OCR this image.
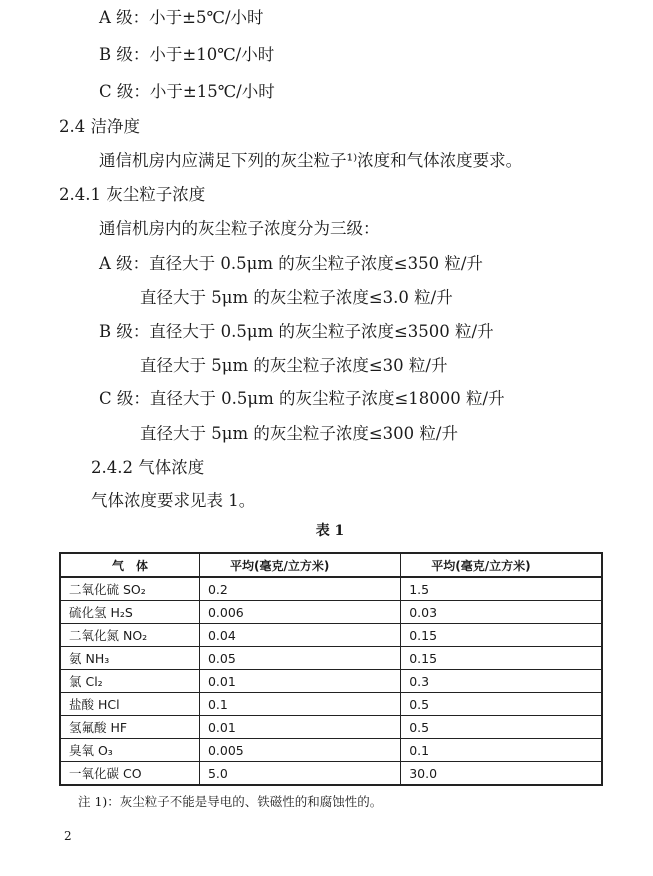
A 级：小于±5℃/小时
B 级：小于±10℃/小时
C 级：小于±15℃/小时
2.4 洁净度
通信机房内应满足下列的灰尘粒子¹⁾浓度和气体浓度要求。
2.4.1 灰尘粒子浓度
通信机房内的灰尘粒子浓度分为三级：
A 级：直径大于 0.5μm 的灰尘粒子浓度≤350 粒/升
直径大于 5μm 的灰尘粒子浓度≤3.0 粒/升
B 级：直径大于 0.5μm 的灰尘粒子浓度≤3500 粒/升
直径大于 5μm 的灰尘粒子浓度≤30 粒/升
C 级：直径大于 0.5μm 的灰尘粒子浓度≤18000 粒/升
直径大于 5μm 的灰尘粒子浓度≤300 粒/升
2.4.2 气体浓度
气体浓度要求见表 1。
表 1
气　体	平均(毫克/立方米)	平均(毫克/立方米)
二氧化硫 SO₂	0.2	1.5
硫化氢 H₂S	0.006	0.03
二氧化氮 NO₂	0.04	0.15
氨 NH₃	0.05	0.15
氯 Cl₂	0.01	0.3
盐酸 HCl	0.1	0.5
氢氟酸 HF	0.01	0.5
臭氧 O₃	0.005	0.1
一氧化碳 CO	5.0	30.0
注 1)：灰尘粒子不能是导电的、铁磁性的和腐蚀性的。
2
